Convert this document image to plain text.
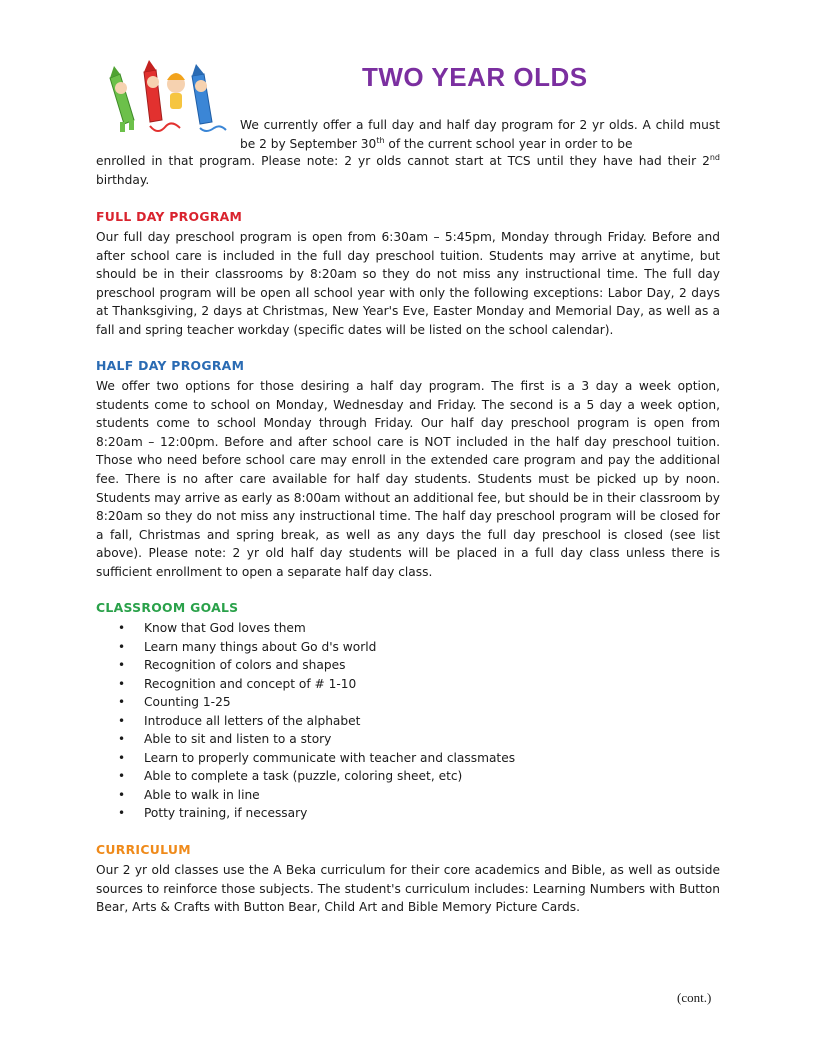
TWO YEAR OLDS
We currently offer a full day and half day program for 2 yr olds. A child must be 2 by September 30th of the current school year in order to be
enrolled in that program. Please note: 2 yr olds cannot start at TCS until they have had their 2nd birthday.
FULL DAY PROGRAM
Our full day preschool program is open from 6:30am – 5:45pm, Monday through Friday. Before and after school care is included in the full day preschool tuition. Students may arrive at anytime, but should be in their classrooms by 8:20am so they do not miss any instructional time. The full day preschool program will be open all school year with only the following exceptions: Labor Day, 2 days at Thanksgiving, 2 days at Christmas, New Year's Eve, Easter Monday and Memorial Day, as well as a fall and spring teacher workday (specific dates will be listed on the school calendar).
HALF DAY PROGRAM
We offer two options for those desiring a half day program. The first is a 3 day a week option, students come to school on Monday, Wednesday and Friday. The second is a 5 day a week option, students come to school Monday through Friday. Our half day preschool program is open from 8:20am – 12:00pm. Before and after school care is NOT included in the half day preschool tuition. Those who need before school care may enroll in the extended care program and pay the additional fee. There is no after care available for half day students. Students must be picked up by noon. Students may arrive as early as 8:00am without an additional fee, but should be in their classroom by 8:20am so they do not miss any instructional time. The half day preschool program will be closed for a fall, Christmas and spring break, as well as any days the full day preschool is closed (see list above). Please note: 2 yr old half day students will be placed in a full day class unless there is sufficient enrollment to open a separate half day class.
CLASSROOM GOALS
• Know that God loves them
• Learn many things about Go d's world
• Recognition of colors and shapes
• Recognition and concept of # 1-10
• Counting 1-25
• Introduce all letters of the alphabet
• Able to sit and listen to a story
• Learn to properly communicate with teacher and classmates
• Able to complete a task (puzzle, coloring sheet, etc)
• Able to walk in line
• Potty training, if necessary
CURRICULUM
Our 2 yr old classes use the A Beka curriculum for their core academics and Bible, as well as outside sources to reinforce those subjects. The student's curriculum includes: Learning Numbers with Button Bear, Arts & Crafts with Button Bear, Child Art and Bible Memory Picture Cards.
(cont.)
